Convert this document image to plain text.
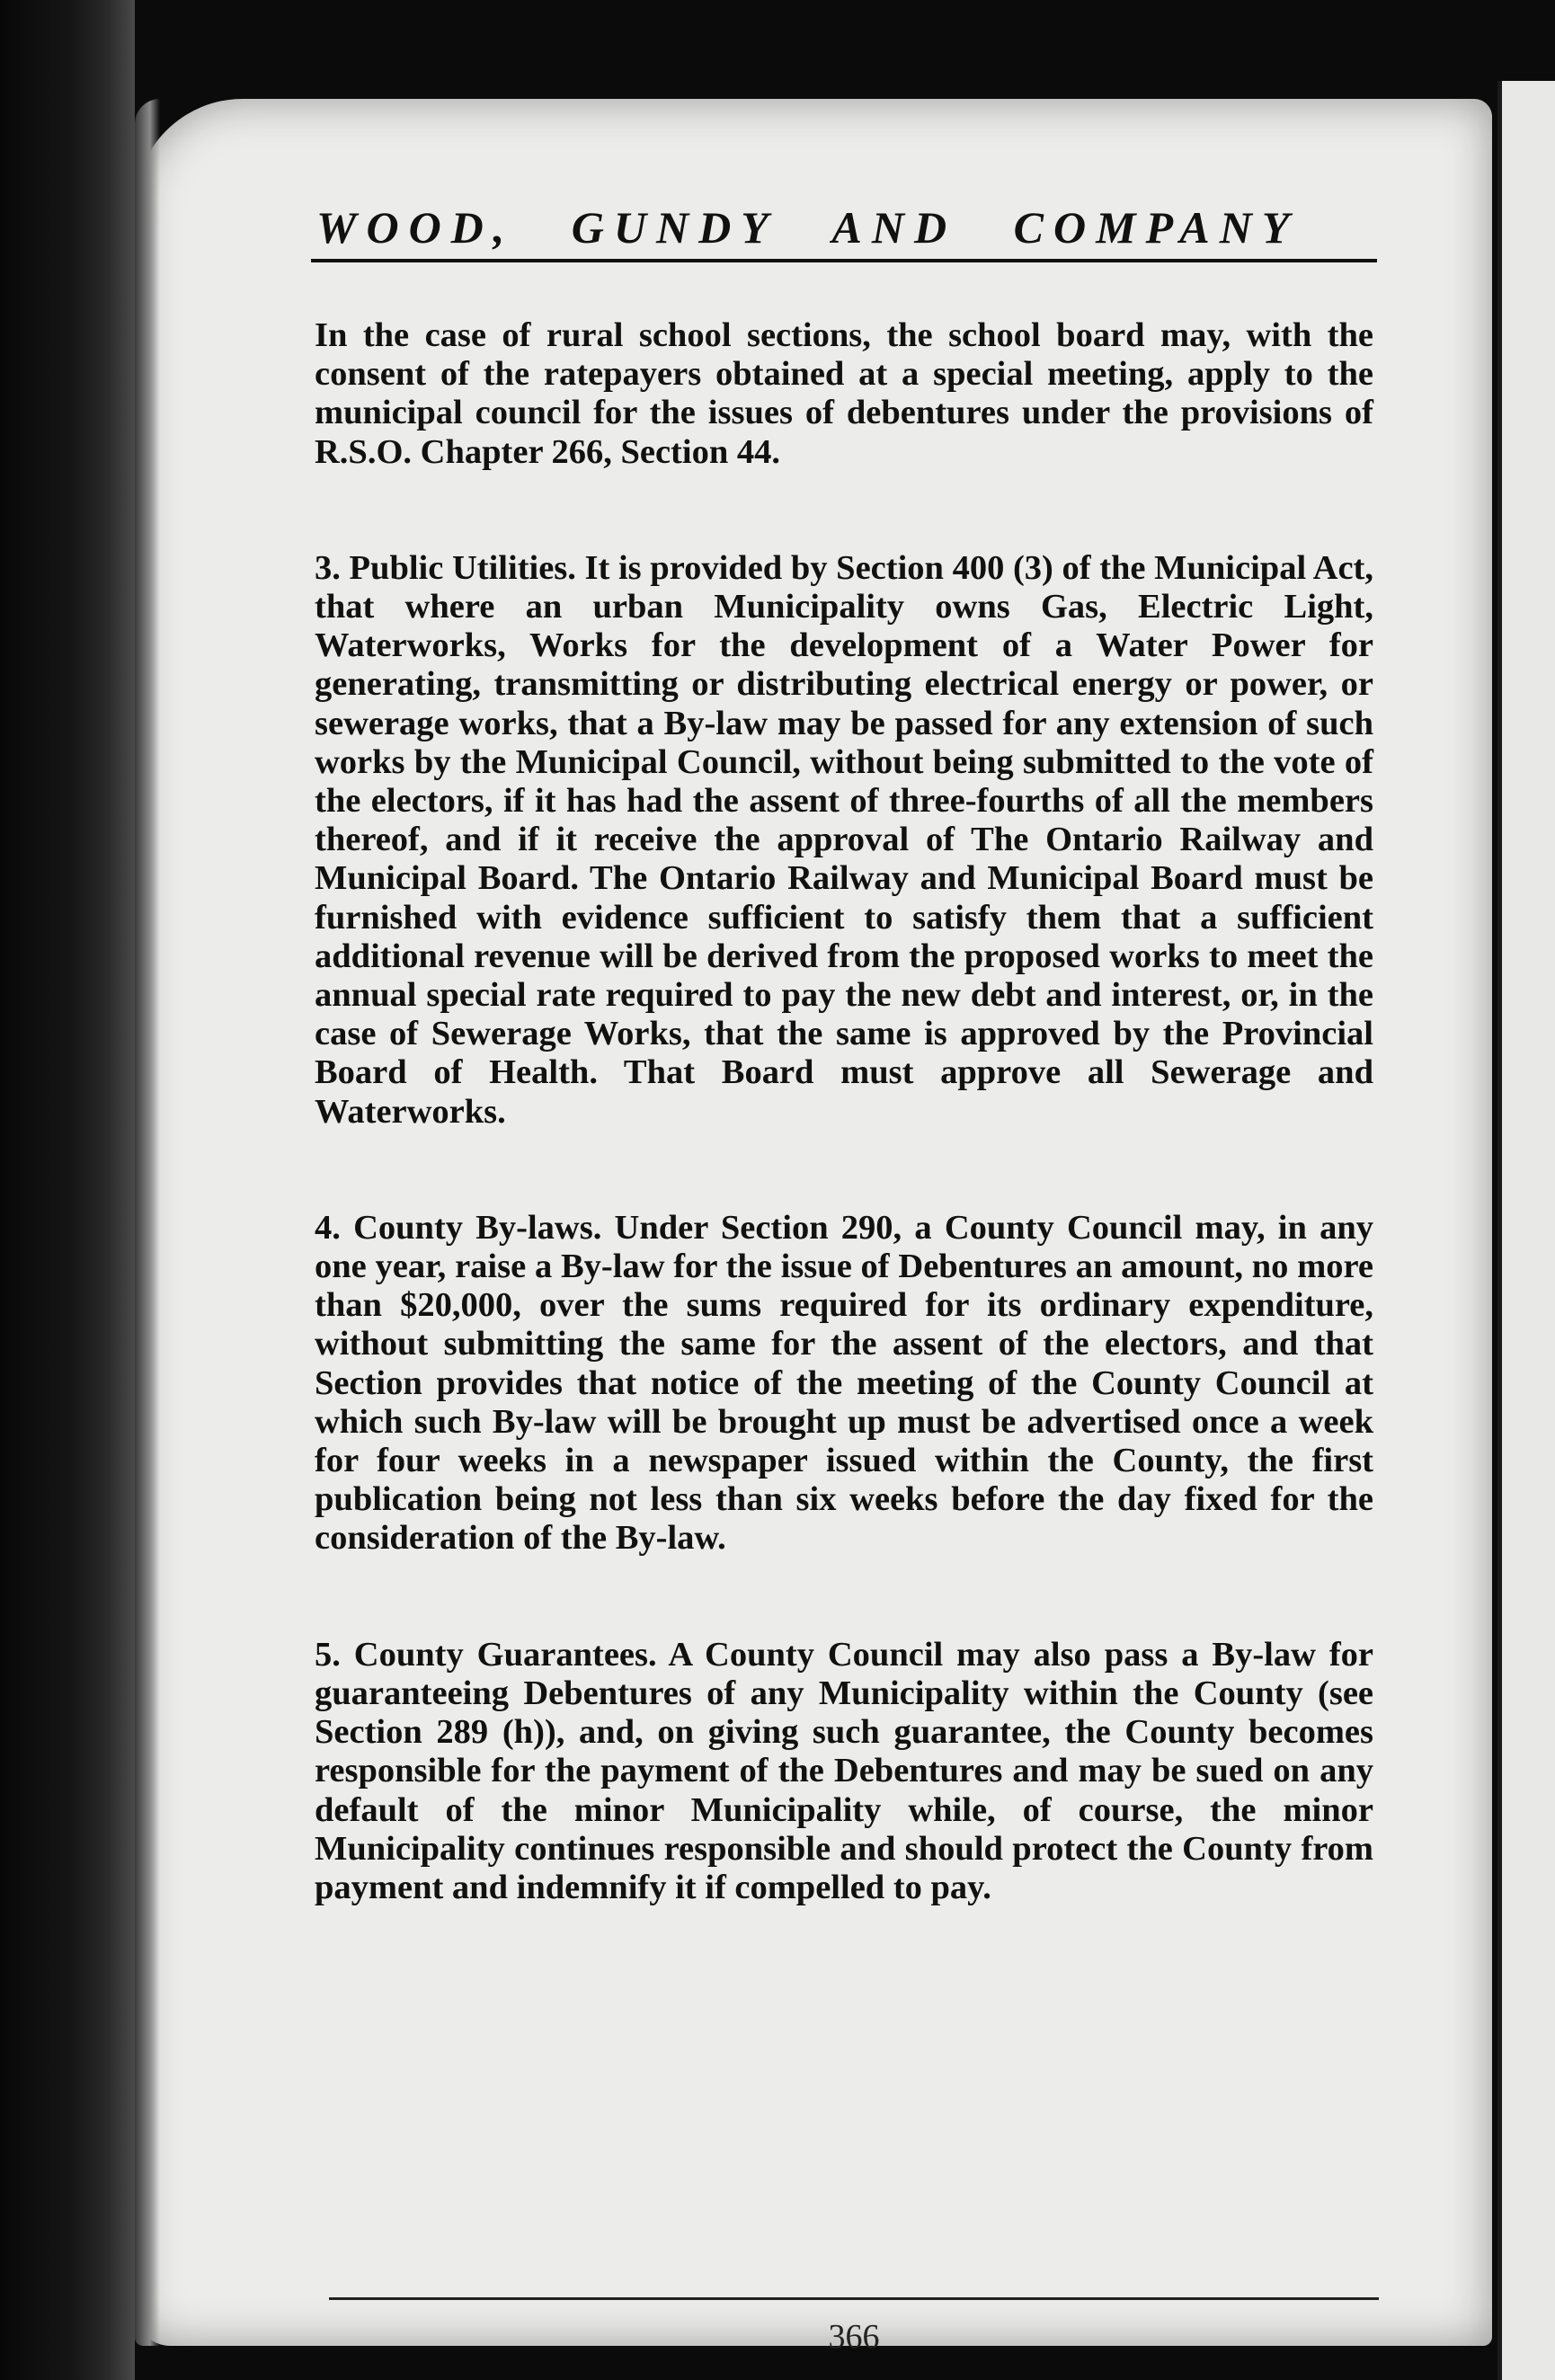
WOOD, GUNDY AND COMPANY

In the case of rural school sections, the school board may, with the consent of the ratepayers obtained at a special meeting, apply to the municipal council for the issues of debentures under the provisions of R.S.O. Chapter 266, Section 44.

3. Public Utilities. It is provided by Section 400 (3) of the Municipal Act, that where an urban Municipality owns Gas, Electric Light, Waterworks, Works for the development of a Water Power for generating, transmitting or distributing electrical energy or power, or sewerage works, that a By-law may be passed for any extension of such works by the Municipal Council, without being submitted to the vote of the electors, if it has had the assent of three-fourths of all the members thereof, and if it receive the approval of The Ontario Railway and Municipal Board. The Ontario Railway and Municipal Board must be furnished with evidence sufficient to satisfy them that a sufficient additional revenue will be derived from the proposed works to meet the annual special rate required to pay the new debt and interest, or, in the case of Sewerage Works, that the same is approved by the Provincial Board of Health. That Board must approve all Sewerage and Waterworks.

4. County By-laws. Under Section 290, a County Council may, in any one year, raise a By-law for the issue of Debentures an amount, no more than $20,000, over the sums required for its ordinary expenditure, without submitting the same for the assent of the electors, and that Section provides that notice of the meeting of the County Council at which such By-law will be brought up must be advertised once a week for four weeks in a newspaper issued within the County, the first publication being not less than six weeks before the day fixed for the consideration of the By-law.

5. County Guarantees. A County Council may also pass a By-law for guaranteeing Debentures of any Municipality within the County (see Section 289 (h)), and, on giving such guarantee, the County becomes responsible for the payment of the Debentures and may be sued on any default of the minor Municipality while, of course, the minor Municipality continues responsible and should protect the County from payment and indemnify it if compelled to pay.

366
